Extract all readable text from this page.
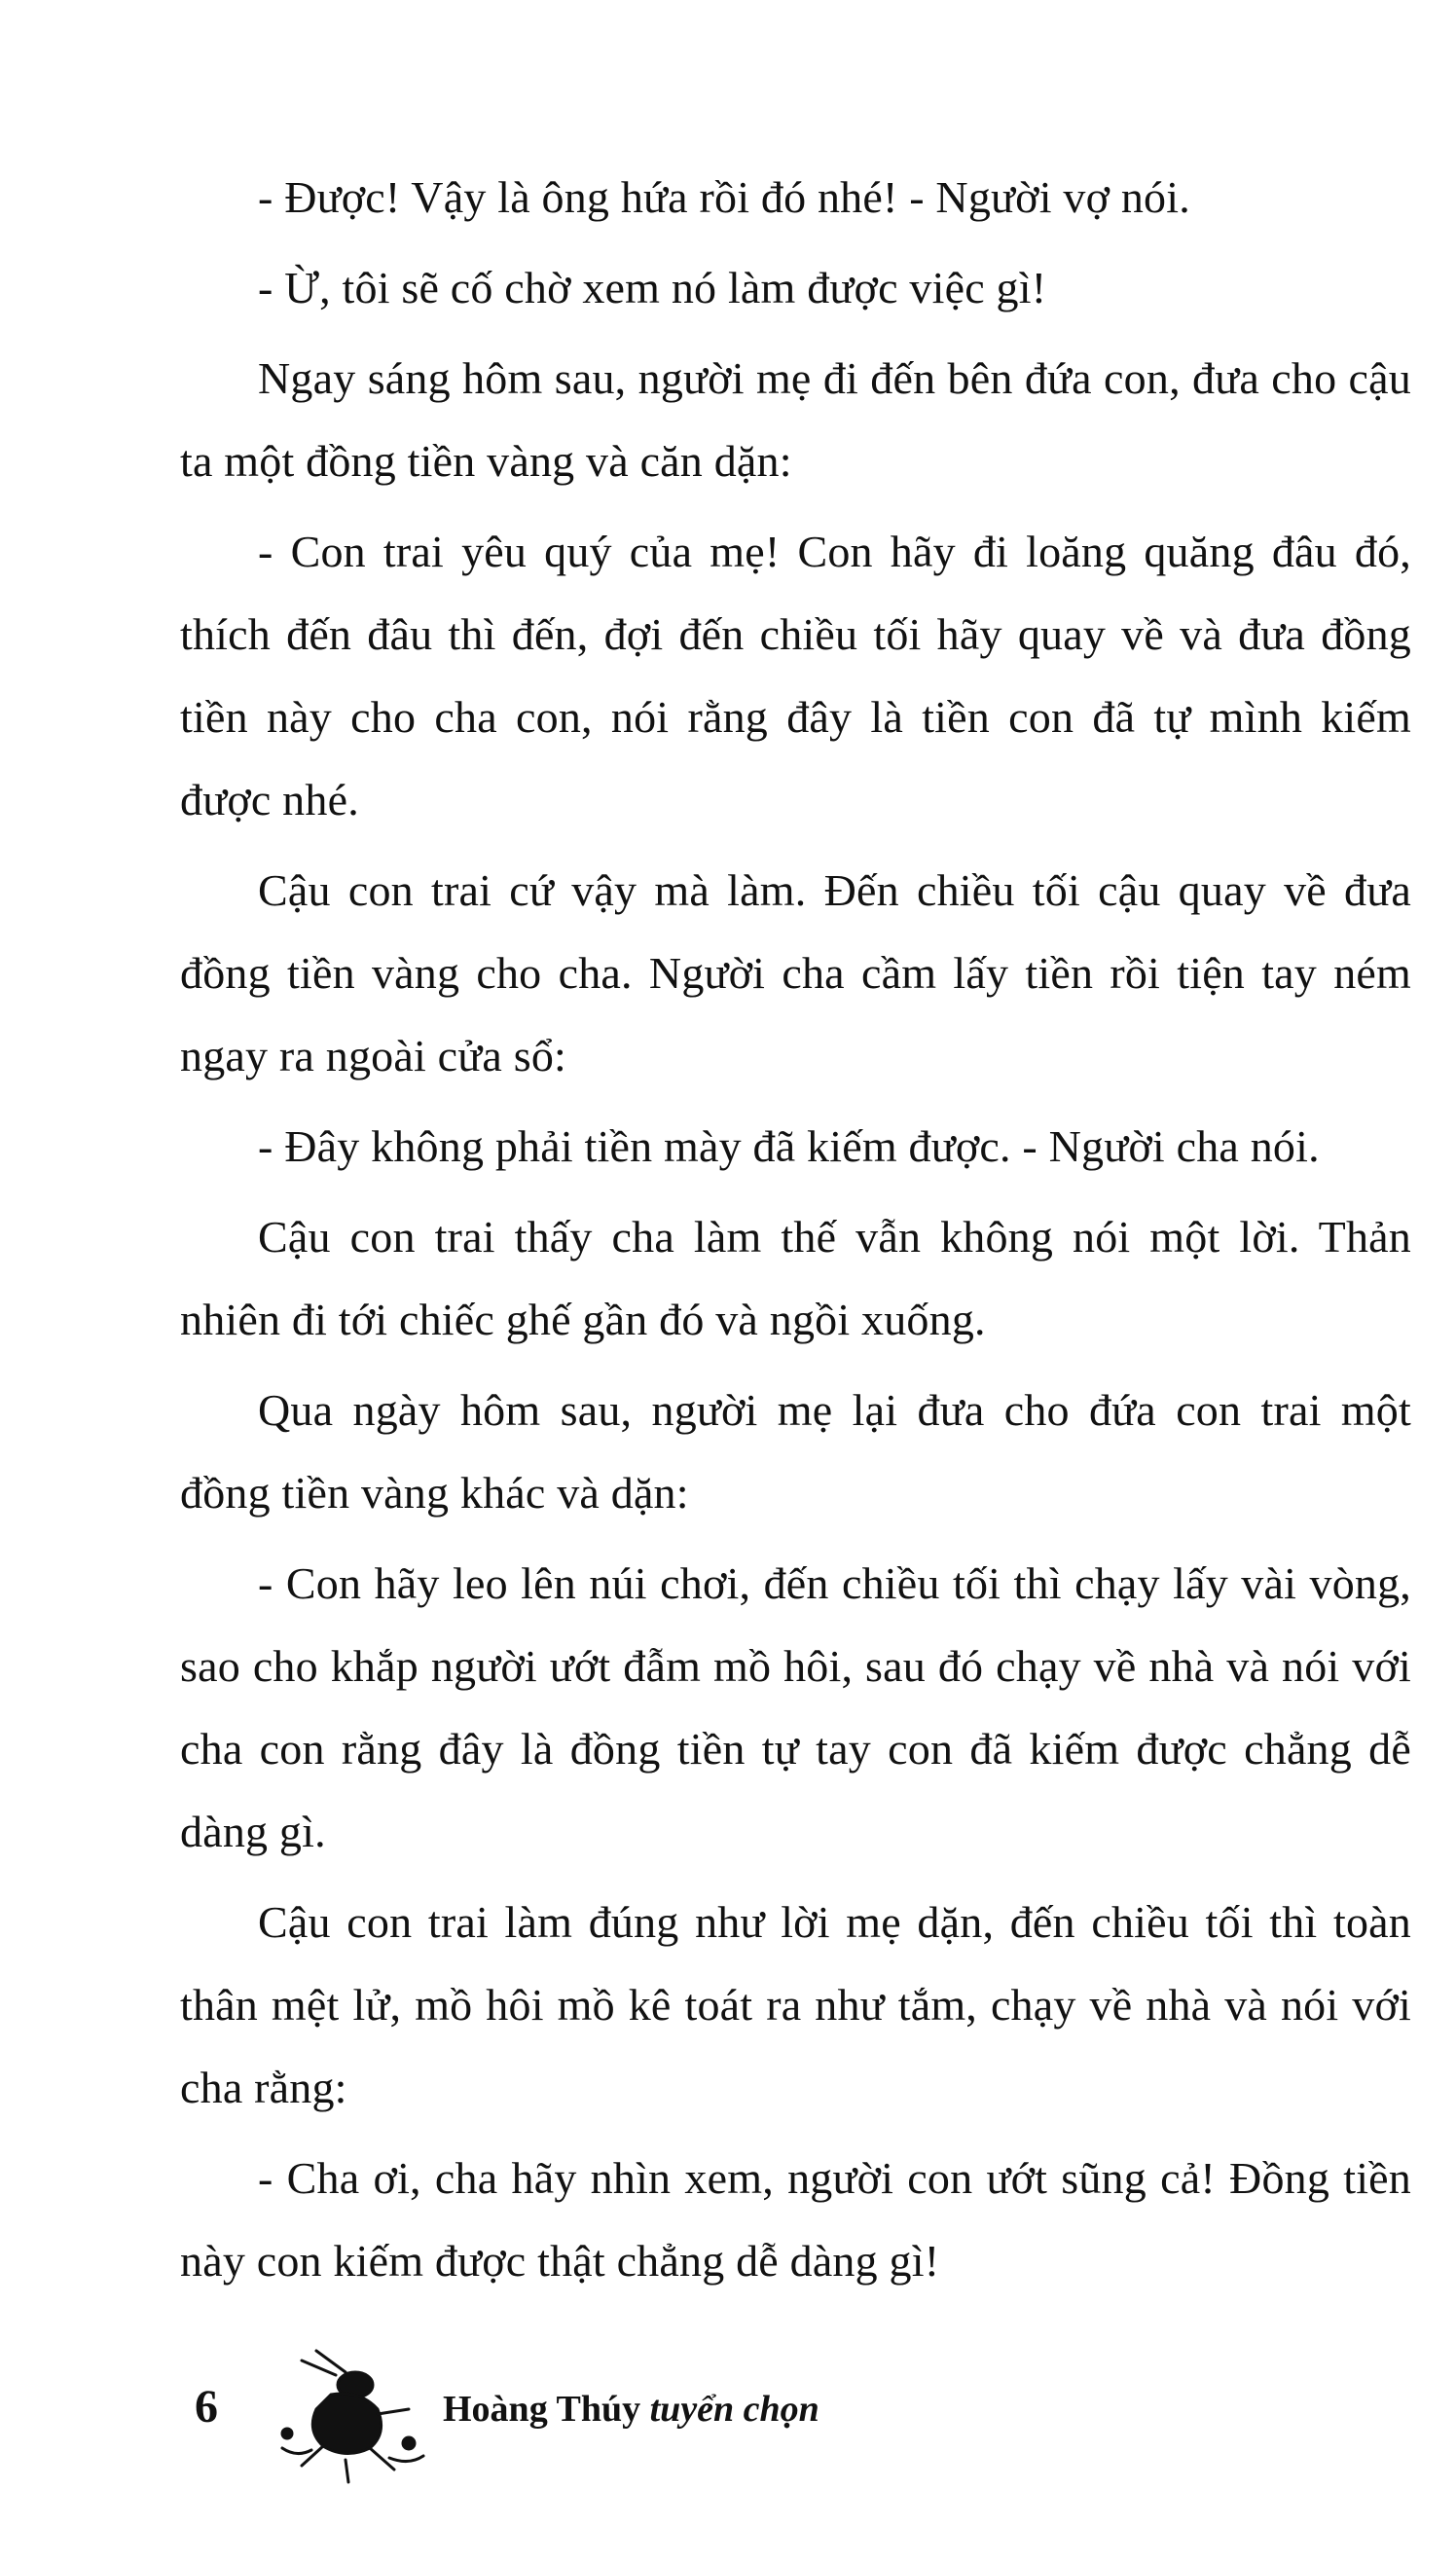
- Được! Vậy là ông hứa rồi đó nhé! - Người vợ nói.

- Ừ, tôi sẽ cố chờ xem nó làm được việc gì!

Ngay sáng hôm sau, người mẹ đi đến bên đứa con, đưa cho cậu ta một đồng tiền vàng và căn dặn:

- Con trai yêu quý của mẹ! Con hãy đi loăng quăng đâu đó, thích đến đâu thì đến, đợi đến chiều tối hãy quay về và đưa đồng tiền này cho cha con, nói rằng đây là tiền con đã tự mình kiếm được nhé.

Cậu con trai cứ vậy mà làm. Đến chiều tối cậu quay về đưa đồng tiền vàng cho cha. Người cha cầm lấy tiền rồi tiện tay ném ngay ra ngoài cửa sổ:

- Đây không phải tiền mày đã kiếm được. - Người cha nói.

Cậu con trai thấy cha làm thế vẫn không nói một lời. Thản nhiên đi tới chiếc ghế gần đó và ngồi xuống.

Qua ngày hôm sau, người mẹ lại đưa cho đứa con trai một đồng tiền vàng khác và dặn:

- Con hãy leo lên núi chơi, đến chiều tối thì chạy lấy vài vòng, sao cho khắp người ướt đẫm mồ hôi, sau đó chạy về nhà và nói với cha con rằng đây là đồng tiền tự tay con đã kiếm được chẳng dễ dàng gì.

Cậu con trai làm đúng như lời mẹ dặn, đến chiều tối thì toàn thân mệt lử, mồ hôi mồ kê toát ra như tắm, chạy về nhà và nói với cha rằng:

- Cha ơi, cha hãy nhìn xem, người con ướt sũng cả! Đồng tiền này con kiếm được thật chẳng dễ dàng gì!

6	Hoàng Thúy tuyển chọn
